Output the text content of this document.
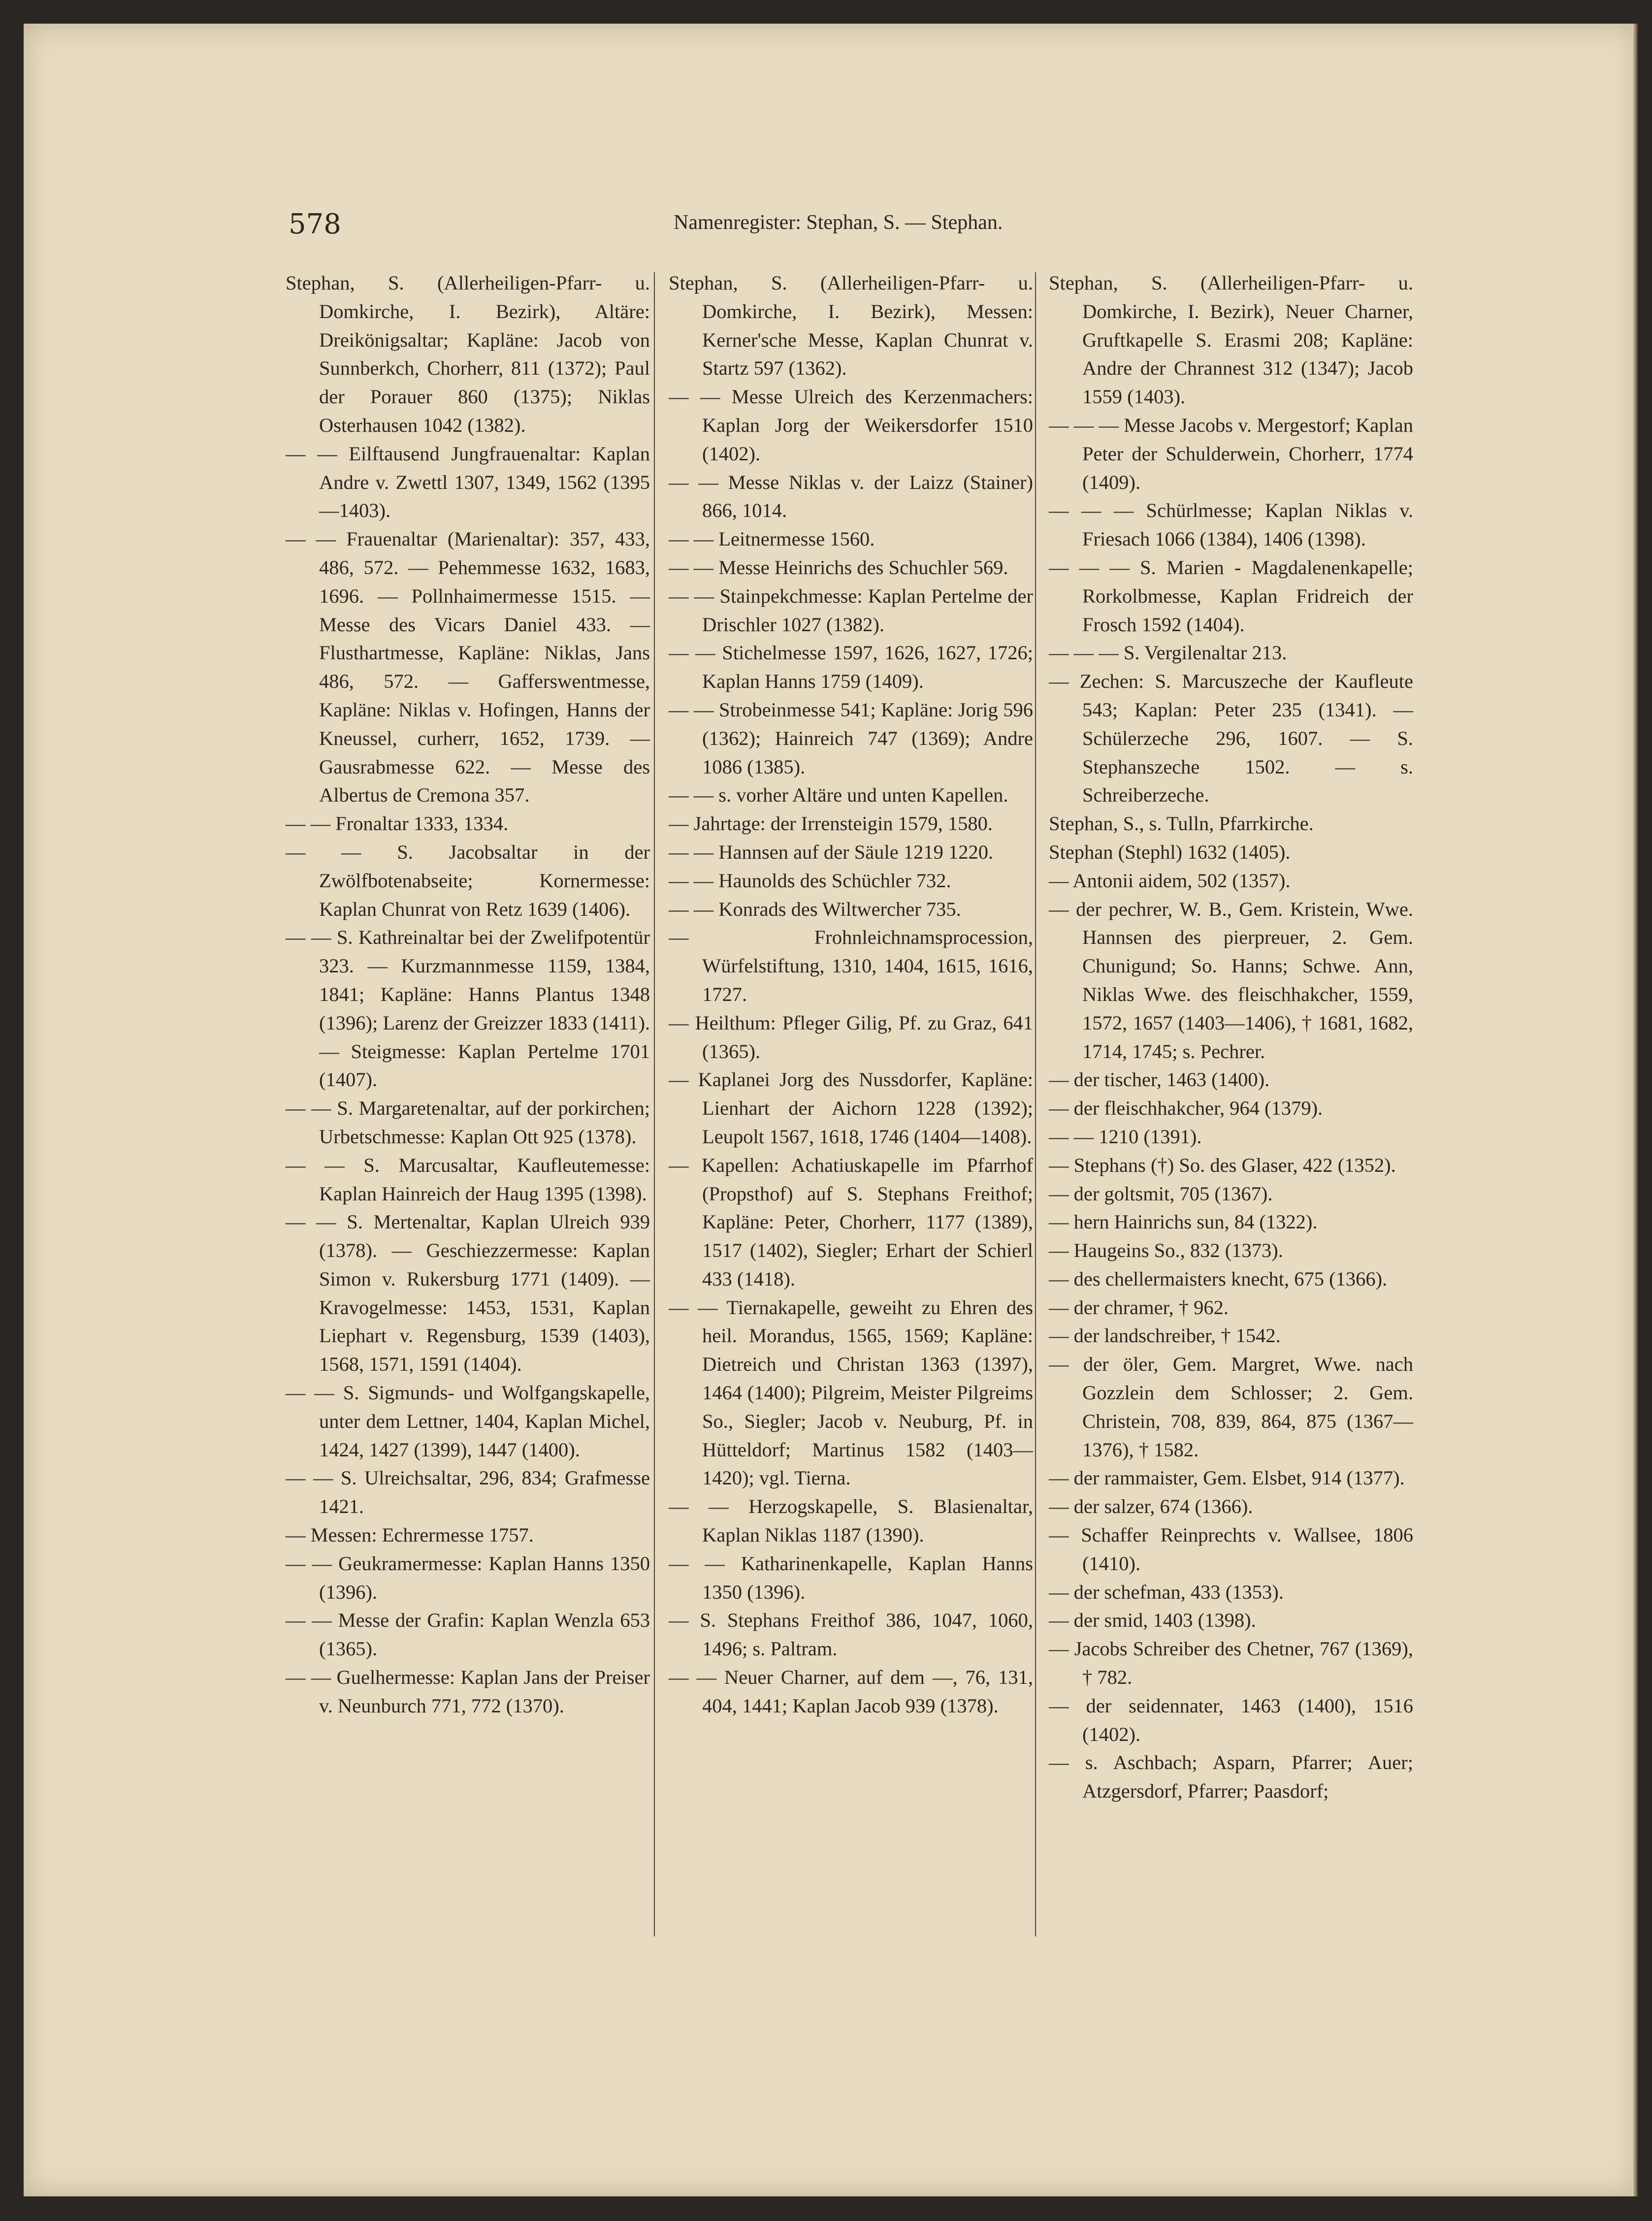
578	Namenregister: Stephan, S. — Stephan.

Stephan, S. (Allerheiligen-Pfarr- u. Domkirche, I. Bezirk), Altäre: Dreikönigsaltar; Kapläne: Jacob von Sunnberkch, Chorherr, 811 (1372); Paul der Porauer 860 (1375); Niklas Osterhausen 1042 (1382).

— — Eilftausend Jungfrauenaltar: Kaplan Andre v. Zwettl 1307, 1349, 1562 (1395—1403).

— — Frauenaltar (Marienaltar): 357, 433, 486, 572. — Pehemmesse 1632, 1683, 1696. — Pollnhaimermesse 1515. — Messe des Vicars Daniel 433. — Flusthartmesse, Kapläne: Niklas, Jans 486, 572. — Gafferswentmesse, Kapläne: Niklas v. Hofingen, Hanns der Kneussel, curherr, 1652, 1739. — Gausrabmesse 622. — Messe des Albertus de Cremona 357.

— — Fronaltar 1333, 1334.

— — S. Jacobsaltar in der Zwölfbotenabseite; Kornermesse: Kaplan Chunrat von Retz 1639 (1406).

— — S. Kathreinaltar bei der Zwelifpotentür 323. — Kurzmannmesse 1159, 1384, 1841; Kapläne: Hanns Plantus 1348 (1396); Larenz der Greizzer 1833 (1411). — Steigmesse: Kaplan Pertelme 1701 (1407).

— — S. Margaretenaltar, auf der porkirchen; Urbetschmesse: Kaplan Ott 925 (1378).

— — S. Marcusaltar, Kaufleutemesse: Kaplan Hainreich der Haug 1395 (1398).

— — S. Mertenaltar, Kaplan Ulreich 939 (1378). — Geschiezzermesse: Kaplan Simon v. Rukersburg 1771 (1409). — Kravogelmesse: 1453, 1531, Kaplan Liephart v. Regensburg, 1539 (1403), 1568, 1571, 1591 (1404).

— — S. Sigmunds- und Wolfgangskapelle, unter dem Lettner, 1404, Kaplan Michel, 1424, 1427 (1399), 1447 (1400).

— — S. Ulreichsaltar, 296, 834; Grafmesse 1421.

— Messen: Echrermesse 1757.

— — Geukramermesse: Kaplan Hanns 1350 (1396).

— — Messe der Grafin: Kaplan Wenzla 653 (1365).

— — Guelhermesse: Kaplan Jans der Preiser v. Neunburch 771, 772 (1370).

Stephan, S. (Allerheiligen-Pfarr- u. Domkirche, I. Bezirk), Messen: Kerner'sche Messe, Kaplan Chunrat v. Startz 597 (1362).

— — Messe Ulreich des Kerzenmachers: Kaplan Jorg der Weikersdorfer 1510 (1402).

— — Messe Niklas v. der Laizz (Stainer) 866, 1014.

— — Leitnermesse 1560.

— — Messe Heinrichs des Schuchler 569.

— — Stainpekchmesse: Kaplan Pertelme der Drischler 1027 (1382).

— — Stichelmesse 1597, 1626, 1627, 1726; Kaplan Hanns 1759 (1409).

— — Strobeinmesse 541; Kapläne: Jorig 596 (1362); Hainreich 747 (1369); Andre 1086 (1385).

— — s. vorher Altäre und unten Kapellen.

— Jahrtage: der Irrensteigin 1579, 1580.

— — Hannsen auf der Säule 1219 1220.

— — Haunolds des Schüchler 732.

— — Konrads des Wiltwercher 735.

— Frohnleichnamsprocession, Würfelstiftung, 1310, 1404, 1615, 1616, 1727.

— Heilthum: Pfleger Gilig, Pf. zu Graz, 641 (1365).

— Kaplanei Jorg des Nussdorfer, Kapläne: Lienhart der Aichorn 1228 (1392); Leupolt 1567, 1618, 1746 (1404—1408).

— Kapellen: Achatiuskapelle im Pfarrhof (Propsthof) auf S. Stephans Freithof; Kapläne: Peter, Chorherr, 1177 (1389), 1517 (1402), Siegler; Erhart der Schierl 433 (1418).

— — Tiernakapelle, geweiht zu Ehren des heil. Morandus, 1565, 1569; Kapläne: Dietreich und Christan 1363 (1397), 1464 (1400); Pilgreim, Meister Pilgreims So., Siegler; Jacob v. Neuburg, Pf. in Hütteldorf; Martinus 1582 (1403—1420); vgl. Tierna.

— — Herzogskapelle, S. Blasienaltar, Kaplan Niklas 1187 (1390).

— — Katharinenkapelle, Kaplan Hanns 1350 (1396).

— S. Stephans Freithof 386, 1047, 1060, 1496; s. Paltram.

— — Neuer Charner, auf dem —, 76, 131, 404, 1441; Kaplan Jacob 939 (1378).

Stephan, S. (Allerheiligen-Pfarr- u. Domkirche, I. Bezirk), Neuer Charner, Gruftkapelle S. Erasmi 208; Kapläne: Andre der Chrannest 312 (1347); Jacob 1559 (1403).

— — — Messe Jacobs v. Mergestorf; Kaplan Peter der Schulderwein, Chorherr, 1774 (1409).

— — — Schürlmesse; Kaplan Niklas v. Friesach 1066 (1384), 1406 (1398).

— — — S. Marien - Magdalenenkapelle; Rorkolbmesse, Kaplan Fridreich der Frosch 1592 (1404).

— — — S. Vergilenaltar 213.

— Zechen: S. Marcuszeche der Kaufleute 543; Kaplan: Peter 235 (1341). — Schülerzeche 296, 1607. — S. Stephanszeche 1502. — s. Schreiberzeche.

Stephan, S., s. Tulln, Pfarrkirche.

Stephan (Stephl) 1632 (1405).

— Antonii aidem, 502 (1357).

— der pechrer, W. B., Gem. Kristein, Wwe. Hannsen des pierpreuer, 2. Gem. Chunigund; So. Hanns; Schwe. Ann, Niklas Wwe. des fleischhakcher, 1559, 1572, 1657 (1403—1406), † 1681, 1682, 1714, 1745; s. Pechrer.

— der tischer, 1463 (1400).

— der fleischhakcher, 964 (1379).

— — 1210 (1391).

— Stephans (†) So. des Glaser, 422 (1352).

— der goltsmit, 705 (1367).

— hern Hainrichs sun, 84 (1322).

— Haugeins So., 832 (1373).

— des chellermaisters knecht, 675 (1366).

— der chramer, † 962.

— der landschreiber, † 1542.

— der öler, Gem. Margret, Wwe. nach Gozzlein dem Schlosser; 2. Gem. Christein, 708, 839, 864, 875 (1367—1376), † 1582.

— der rammaister, Gem. Elsbet, 914 (1377).

— der salzer, 674 (1366).

— Schaffer Reinprechts v. Wallsee, 1806 (1410).

— der schefman, 433 (1353).

— der smid, 1403 (1398).

— Jacobs Schreiber des Chetner, 767 (1369), † 782.

— der seidennater, 1463 (1400), 1516 (1402).

— s. Aschbach; Asparn, Pfarrer; Auer; Atzgersdorf, Pfarrer; Paasdorf;
